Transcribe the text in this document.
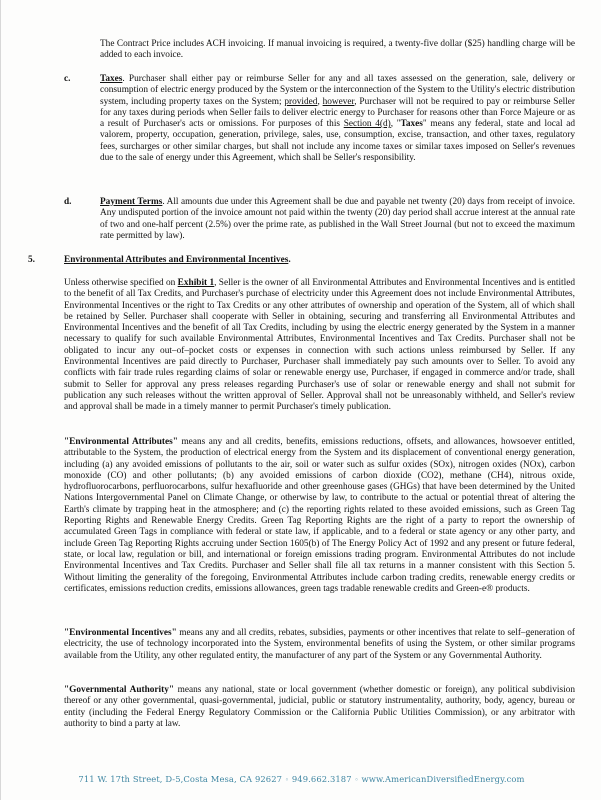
The Contract Price includes ACH invoicing. If manual invoicing is required, a twenty-five dollar ($25) handling charge will be added to each invoice.

c.	Taxes. Purchaser shall either pay or reimburse Seller for any and all taxes assessed on the generation, sale, delivery or consumption of electric energy produced by the System or the interconnection of the System to the Utility's electric distribution system, including property taxes on the System; provided, however, Purchaser will not be required to pay or reimburse Seller for any taxes during periods when Seller fails to deliver electric energy to Purchaser for reasons other than Force Majeure or as a result of Purchaser's acts or omissions. For purposes of this Section 4(d), "Taxes" means any federal, state and local ad valorem, property, occupation, generation, privilege, sales, use, consumption, excise, transaction, and other taxes, regulatory fees, surcharges or other similar charges, but shall not include any income taxes or similar taxes imposed on Seller's revenues due to the sale of energy under this Agreement, which shall be Seller's responsibility.

d.	Payment Terms. All amounts due under this Agreement shall be due and payable net twenty (20) days from receipt of invoice. Any undisputed portion of the invoice amount not paid within the twenty (20) day period shall accrue interest at the annual rate of two and one-half percent (2.5%) over the prime rate, as published in the Wall Street Journal (but not to exceed the maximum rate permitted by law).

5.	Environmental Attributes and Environmental Incentives.

Unless otherwise specified on Exhibit 1, Seller is the owner of all Environmental Attributes and Environmental Incentives and is entitled to the benefit of all Tax Credits, and Purchaser's purchase of electricity under this Agreement does not include Environmental Attributes, Environmental Incentives or the right to Tax Credits or any other attributes of ownership and operation of the System, all of which shall be retained by Seller. Purchaser shall cooperate with Seller in obtaining, securing and transferring all Environmental Attributes and Environmental Incentives and the benefit of all Tax Credits, including by using the electric energy generated by the System in a manner necessary to qualify for such available Environmental Attributes, Environmental Incentives and Tax Credits. Purchaser shall not be obligated to incur any out–of–pocket costs or expenses in connection with such actions unless reimbursed by Seller. If any Environmental Incentives are paid directly to Purchaser, Purchaser shall immediately pay such amounts over to Seller. To avoid any conflicts with fair trade rules regarding claims of solar or renewable energy use, Purchaser, if engaged in commerce and/or trade, shall submit to Seller for approval any press releases regarding Purchaser's use of solar or renewable energy and shall not submit for publication any such releases without the written approval of Seller. Approval shall not be unreasonably withheld, and Seller's review and approval shall be made in a timely manner to permit Purchaser's timely publication.

"Environmental Attributes" means any and all credits, benefits, emissions reductions, offsets, and allowances, howsoever entitled, attributable to the System, the production of electrical energy from the System and its displacement of conventional energy generation, including (a) any avoided emissions of pollutants to the air, soil or water such as sulfur oxides (SOx), nitrogen oxides (NOx), carbon monoxide (CO) and other pollutants; (b) any avoided emissions of carbon dioxide (CO2), methane (CH4), nitrous oxide, hydrofluorocarbons, perfluorocarbons, sulfur hexafluoride and other greenhouse gases (GHGs) that have been determined by the United Nations Intergovernmental Panel on Climate Change, or otherwise by law, to contribute to the actual or potential threat of altering the Earth's climate by trapping heat in the atmosphere; and (c) the reporting rights related to these avoided emissions, such as Green Tag Reporting Rights and Renewable Energy Credits. Green Tag Reporting Rights are the right of a party to report the ownership of accumulated Green Tags in compliance with federal or state law, if applicable, and to a federal or state agency or any other party, and include Green Tag Reporting Rights accruing under Section 1605(b) of The Energy Policy Act of 1992 and any present or future federal, state, or local law, regulation or bill, and international or foreign emissions trading program. Environmental Attributes do not include Environmental Incentives and Tax Credits. Purchaser and Seller shall file all tax returns in a manner consistent with this Section 5. Without limiting the generality of the foregoing, Environmental Attributes include carbon trading credits, renewable energy credits or certificates, emissions reduction credits, emissions allowances, green tags tradable renewable credits and Green-e® products.

"Environmental Incentives" means any and all credits, rebates, subsidies, payments or other incentives that relate to self–generation of electricity, the use of technology incorporated into the System, environmental benefits of using the System, or other similar programs available from the Utility, any other regulated entity, the manufacturer of any part of the System or any Governmental Authority.

"Governmental Authority" means any national, state or local government (whether domestic or foreign), any political subdivision thereof or any other governmental, quasi-governmental, judicial, public or statutory instrumentality, authority, body, agency, bureau or entity (including the Federal Energy Regulatory Commission or the California Public Utilities Commission), or any arbitrator with authority to bind a party at law.

711 W. 17th Street, D-5,Costa Mesa, CA 92627 ◦ 949.662.3187 ◦ www.AmericanDiversifiedEnergy.com
